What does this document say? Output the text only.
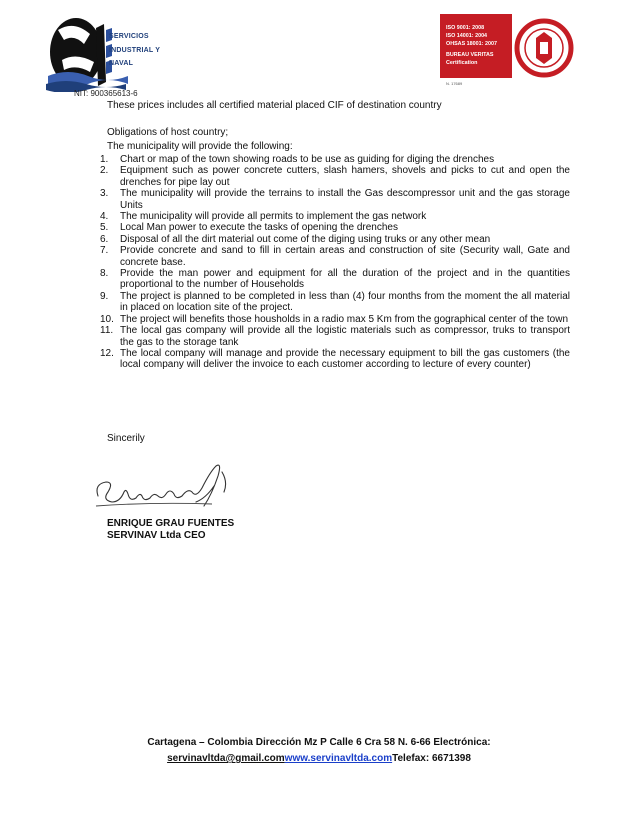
SERVICIOS
INDUSTRIAL Y
NAVAL
ISO 9001: 2008
ISO 14001: 2004
OHSAS 18001: 2007
BUREAU VERITAS
Certification
N. 17689
NIT: 900365613-6
These prices includes all certified material placed CIF of destination country
Obligations of host country;
The municipality will provide the following:
1. Chart or map of the town showing roads to be use as guiding for diging the drenches
2. Equipment such as power concrete cutters, slash hamers, shovels and picks to cut and open the drenches for pipe lay out
3. The municipality will provide the terrains to install the Gas descompressor unit and the gas storage Units
4. The municipality will provide all permits to implement the gas network
5. Local Man power to execute the tasks of opening the drenches
6. Disposal of all the dirt material out come of the diging using truks or any other mean
7. Provide concrete and sand to fill in certain areas and construction of site (Security wall, Gate and concrete base.
8. Provide the man power and equipment for all the duration of the project and in the quantities proportional to the number of Households
9. The project is planned to be completed in less than (4) four months from the moment the all material in placed on location site of the project.
10. The project will benefits those housholds in a radio max 5 Km from the gographical center of the town
11. The local gas company will provide all the logistic materials such as compressor, truks to transport the gas to the storage tank
12. The local company will manage and provide the necessary equipment to bill the gas customers (the local company will deliver the invoice to each customer according to lecture of every counter)
Sincerily
ENRIQUE GRAU FUENTES
SERVINAV Ltda CEO
Cartagena – Colombia Dirección Mz P Calle 6 Cra 58 N. 6-66 Electrónica:
servinavltda@gmail.comwww.servinavltda.comTelefax: 6671398
